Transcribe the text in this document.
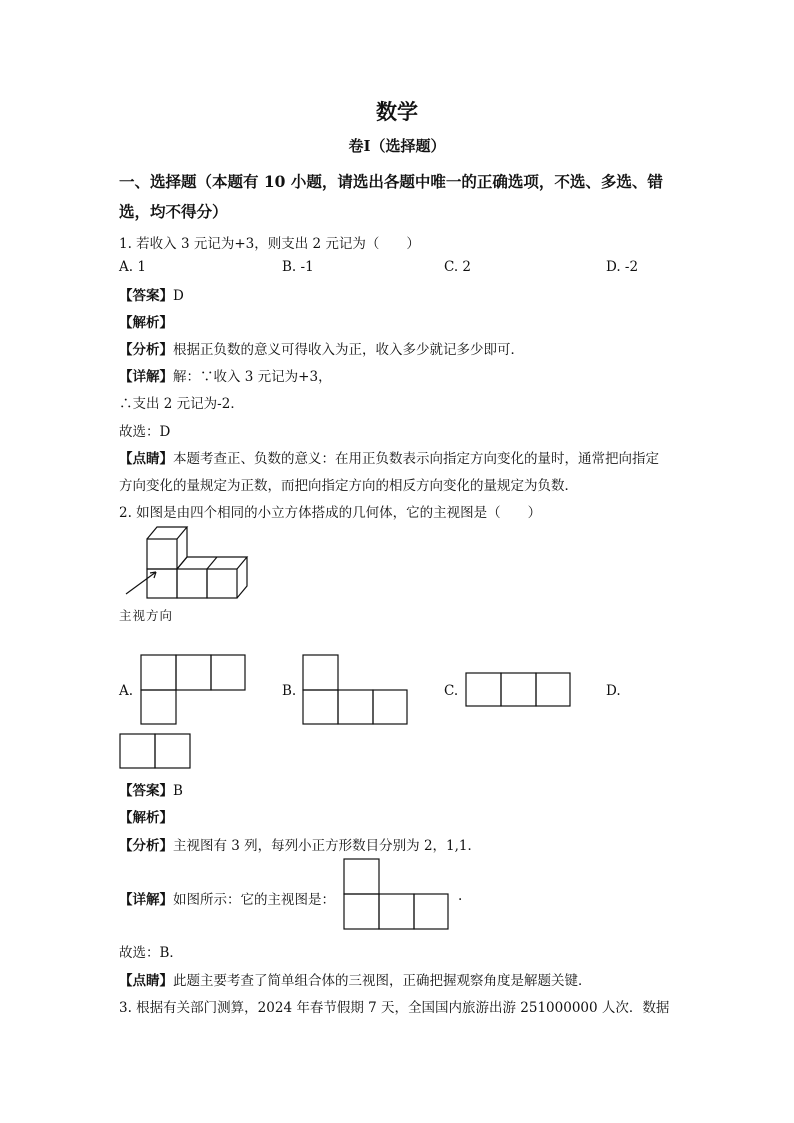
数学
卷Ⅰ（选择题）
一、选择题（本题有 10 小题，请选出各题中唯一的正确选项，不选、多选、错
选，均不得分）
1. 若收入 3 元记为+3，则支出 2 元记为（　　）
A. 1	B. -1	C. 2	D. -2
【答案】D
【解析】
【分析】根据正负数的意义可得收入为正，收入多少就记多少即可．
【详解】解：∵收入 3 元记为+3，
∴支出 2 元记为-2．
故选：D
【点睛】本题考查正、负数的意义：在用正负数表示向指定方向变化的量时，通常把向指定
方向变化的量规定为正数，而把向指定方向的相反方向变化的量规定为负数．
2. 如图是由四个相同的小立方体搭成的几何体，它的主视图是（　　）
主视方向
A.	B.	C.	D.
【答案】B
【解析】
【分析】主视图有 3 列，每列小正方形数目分别为 2，1,1．
【详解】如图所示：它的主视图是：	.
故选：B．
【点睛】此题主要考查了简单组合体的三视图，正确把握观察角度是解题关键．
3. 根据有关部门测算，2024 年春节假期 7 天，全国国内旅游出游 251000000 人次．数据
